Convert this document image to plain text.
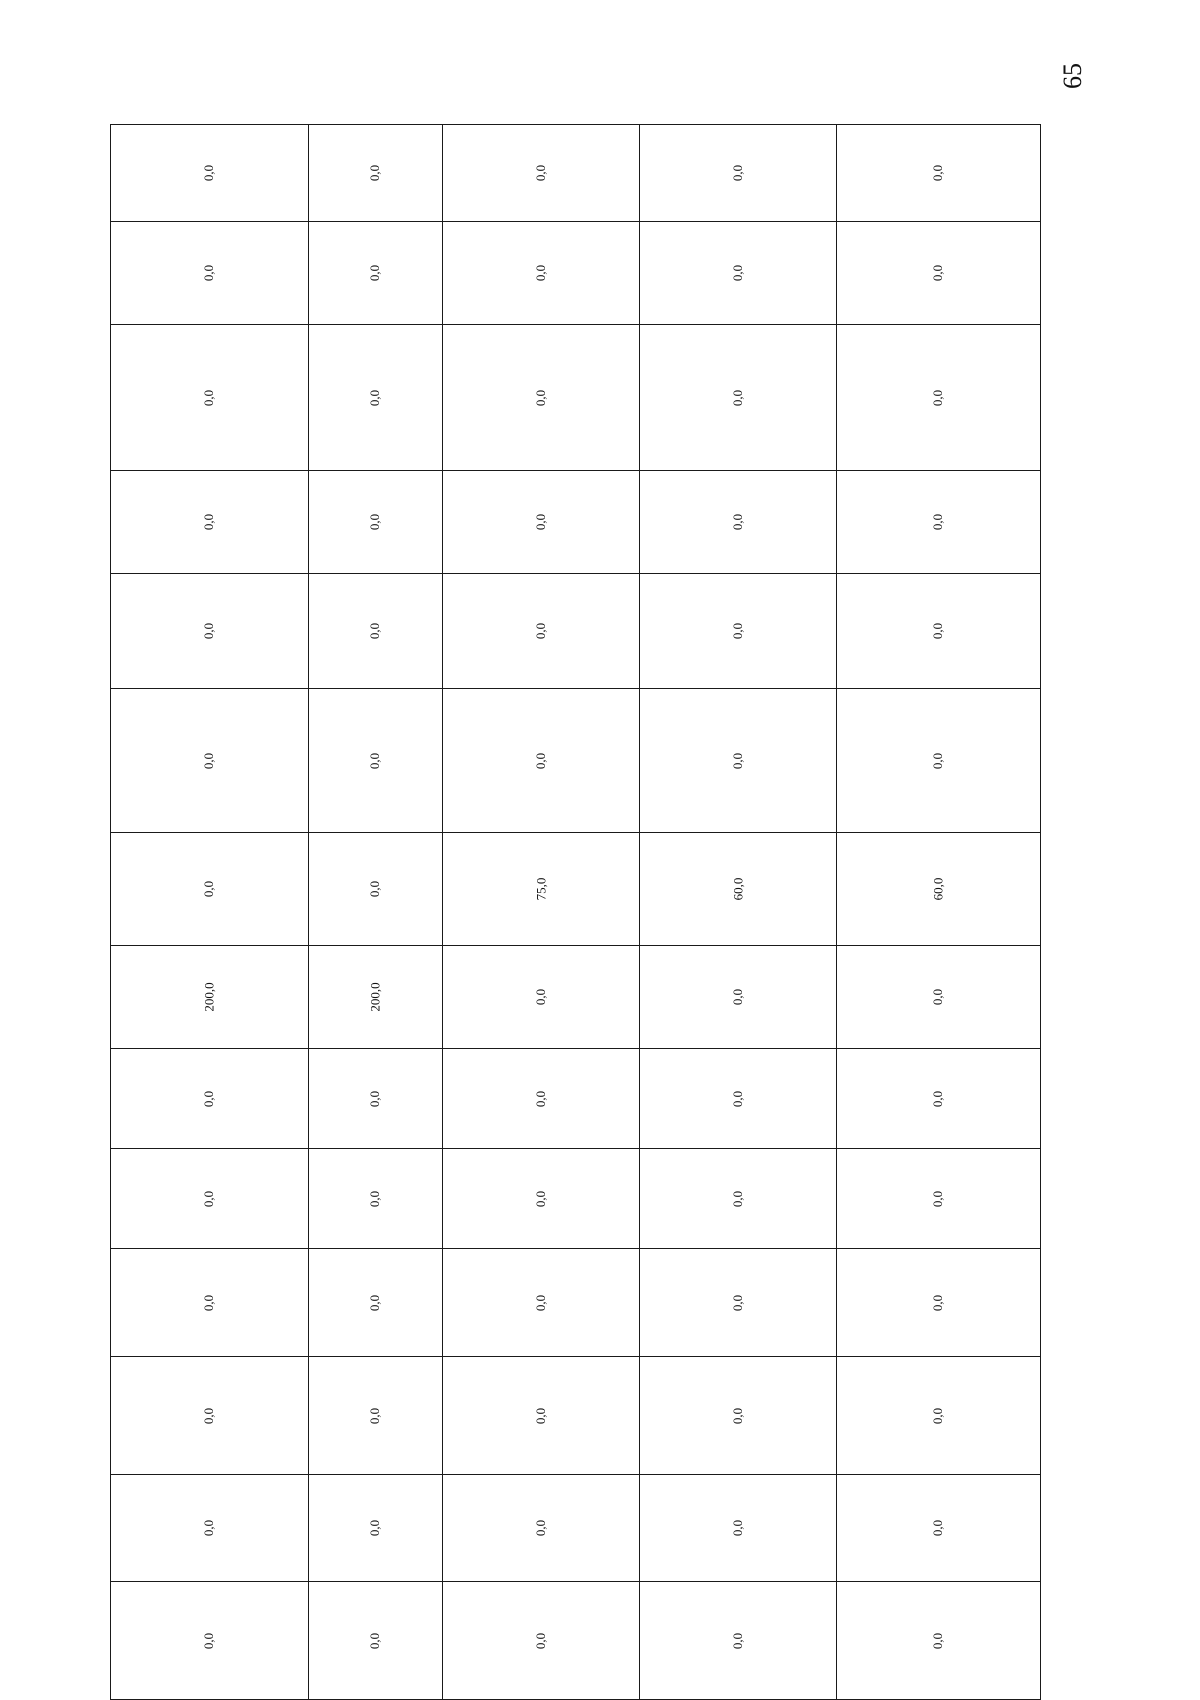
65
0,0	0,0	0,0	0,0	0,0
0,0	0,0	0,0	0,0	0,0
0,0	0,0	0,0	0,0	0,0
0,0	0,0	0,0	0,0	0,0
0,0	0,0	0,0	0,0	0,0
0,0	0,0	0,0	0,0	0,0
0,0	0,0	75,0	60,0	60,0
200,0	200,0	0,0	0,0	0,0
0,0	0,0	0,0	0,0	0,0
0,0	0,0	0,0	0,0	0,0
0,0	0,0	0,0	0,0	0,0
0,0	0,0	0,0	0,0	0,0
0,0	0,0	0,0	0,0	0,0
0,0	0,0	0,0	0,0	0,0
